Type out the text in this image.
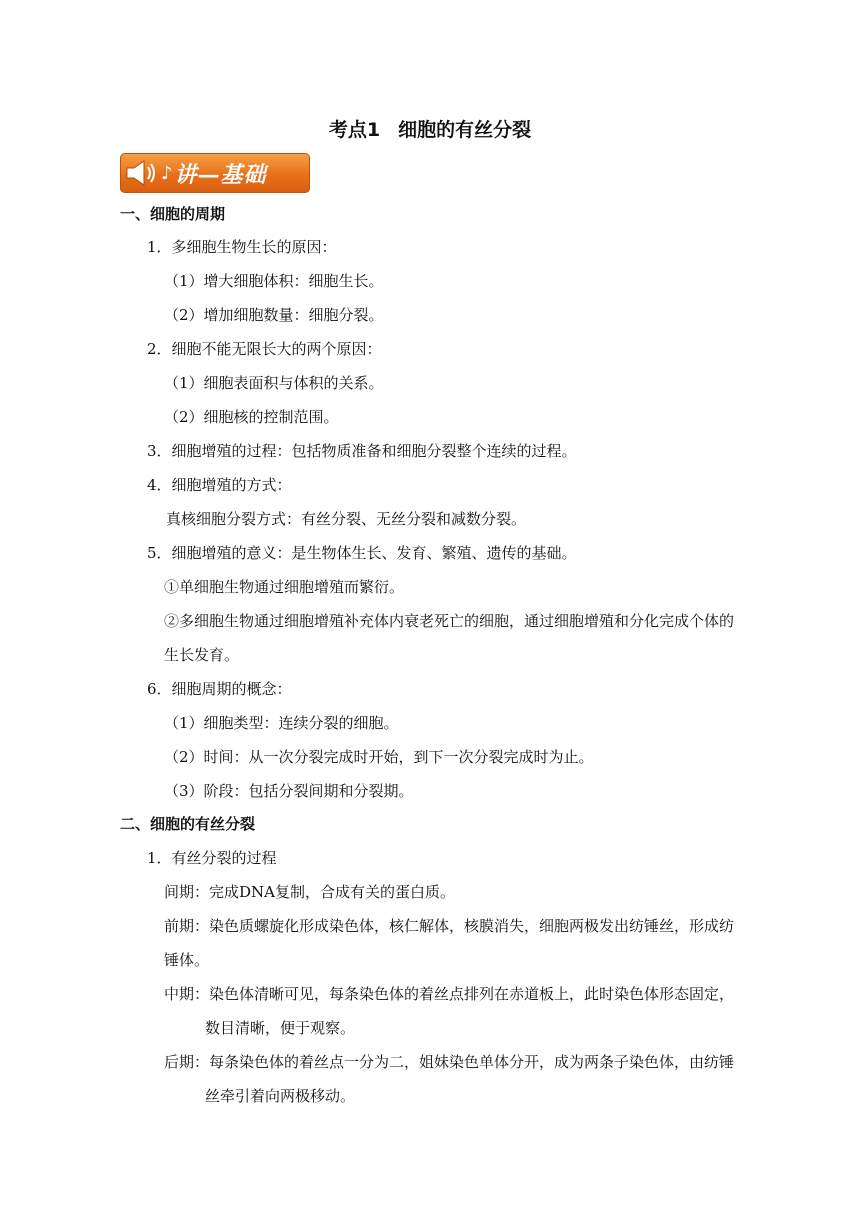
考点1 细胞的有丝分裂
♪ 讲—基础
一、细胞的周期
1．多细胞生物生长的原因：
（1）增大细胞体积：细胞生长。
（2）增加细胞数量：细胞分裂。
2．细胞不能无限长大的两个原因：
（1）细胞表面积与体积的关系。
（2）细胞核的控制范围。
3．细胞增殖的过程：包括物质准备和细胞分裂整个连续的过程。
4．细胞增殖的方式：
真核细胞分裂方式：有丝分裂、无丝分裂和减数分裂。
5．细胞增殖的意义：是生物体生长、发育、繁殖、遗传的基础。
①单细胞生物通过细胞增殖而繁衍。
②多细胞生物通过细胞增殖补充体内衰老死亡的细胞，通过细胞增殖和分化完成个体的
生长发育。
6．细胞周期的概念：
（1）细胞类型：连续分裂的细胞。
（2）时间：从一次分裂完成时开始，到下一次分裂完成时为止。
（3）阶段：包括分裂间期和分裂期。
二、细胞的有丝分裂
1．有丝分裂的过程
间期：完成DNA复制，合成有关的蛋白质。
前期：染色质螺旋化形成染色体，核仁解体，核膜消失，细胞两极发出纺锤丝，形成纺
锤体。
中期：染色体清晰可见，每条染色体的着丝点排列在赤道板上，此时染色体形态固定，
数目清晰，便于观察。
后期：每条染色体的着丝点一分为二，姐妹染色单体分开，成为两条子染色体，由纺锤
丝牵引着向两极移动。
